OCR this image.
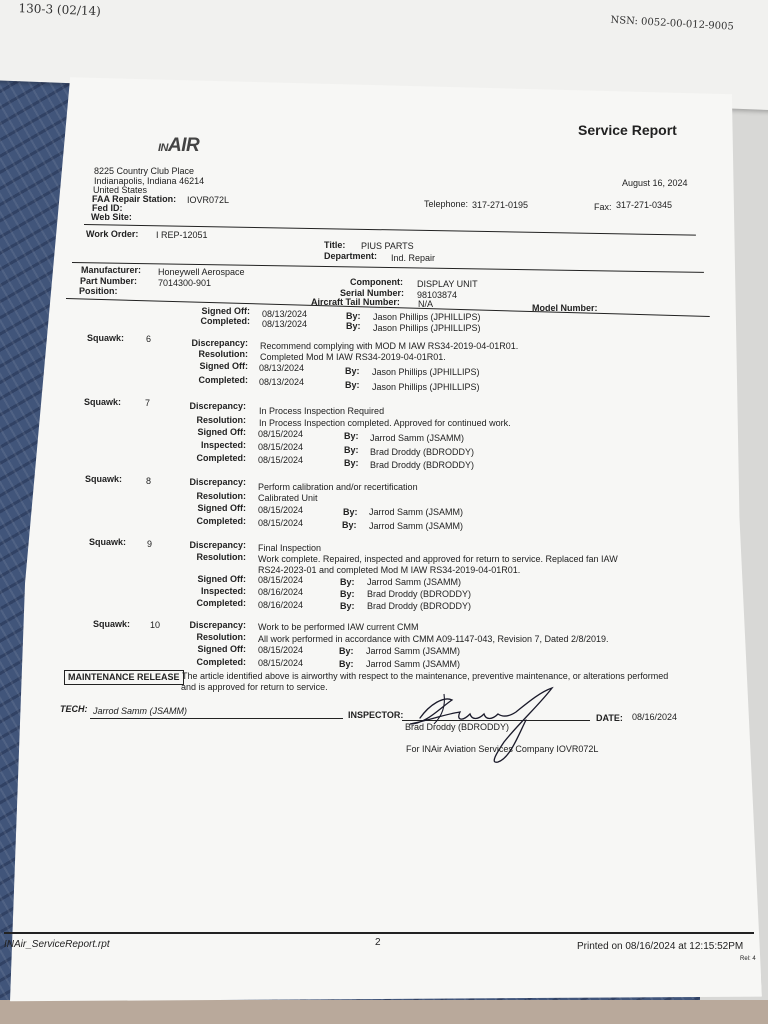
130-3 (02/14)
NSN: 0052-00-012-9005
INAIR
Service Report
8225 Country Club Place
Indianapolis, Indiana 46214
United States
FAA Repair Station: IOVR072L
Fed ID:
Web Site:
August 16, 2024
Telephone: 317-271-0195	Fax: 317-271-0345
Work Order: I REP-12051
Title: PIUS PARTS
Department: Ind. Repair
Manufacturer: Honeywell Aerospace
Part Number: 7014300-901
Position:
Component: DISPLAY UNIT
Serial Number: 98103874
Aircraft Tail Number: N/A	Model Number:
Signed Off: 08/13/2024	By: Jason Phillips (JPHILLIPS)
Completed: 08/13/2024	By: Jason Phillips (JPHILLIPS)
Squawk: 6	Discrepancy: Recommend complying with MOD M IAW RS34-2019-04-01R01.
Resolution: Completed Mod M IAW RS34-2019-04-01R01.
Signed Off: 08/13/2024	By: Jason Phillips (JPHILLIPS)
Completed: 08/13/2024	By: Jason Phillips (JPHILLIPS)
Squawk:	7	Discrepancy: In Process Inspection Required
Resolution: In Process Inspection completed. Approved for continued work.
Signed Off: 08/15/2024	By: Jarrod Samm (JSAMM)
Inspected: 08/15/2024	By: Brad Droddy (BDRODDY)
Completed: 08/15/2024	By: Brad Droddy (BDRODDY)
Squawk:	8	Discrepancy: Perform calibration and/or recertification
Resolution: Calibrated Unit
Signed Off: 08/15/2024	By: Jarrod Samm (JSAMM)
Completed: 08/15/2024	By: Jarrod Samm (JSAMM)
Squawk: 9	Discrepancy: Final Inspection
Resolution: Work complete. Repaired, inspected and approved for return to service. Replaced fan IAW
RS24-2023-01 and completed Mod M IAW RS34-2019-04-01R01.
Signed Off: 08/15/2024	By: Jarrod Samm (JSAMM)
Inspected: 08/16/2024	By: Brad Droddy (BDRODDY)
Completed: 08/16/2024	By: Brad Droddy (BDRODDY)
Squawk: 10	Discrepancy: Work to be performed IAW current CMM
Resolution: All work performed in accordance with CMM A09-1147-043, Revision 7, Dated 2/8/2019.
Signed Off: 08/15/2024	By: Jarrod Samm (JSAMM)
Completed: 08/15/2024	By: Jarrod Samm (JSAMM)
MAINTENANCE RELEASE The article identified above is airworthy with respect to the maintenance, preventive maintenance, or alterations performed
and is approved for return to service.
TECH: Jarrod Samm (JSAMM)	INSPECTOR:
Brad Droddy (BDRODDY)
For INAir Aviation Services Company IOVR072L
DATE: 08/16/2024
INAir_ServiceReport.rpt	2	Printed on 08/16/2024 at 12:15:52PM
Rel: 4
